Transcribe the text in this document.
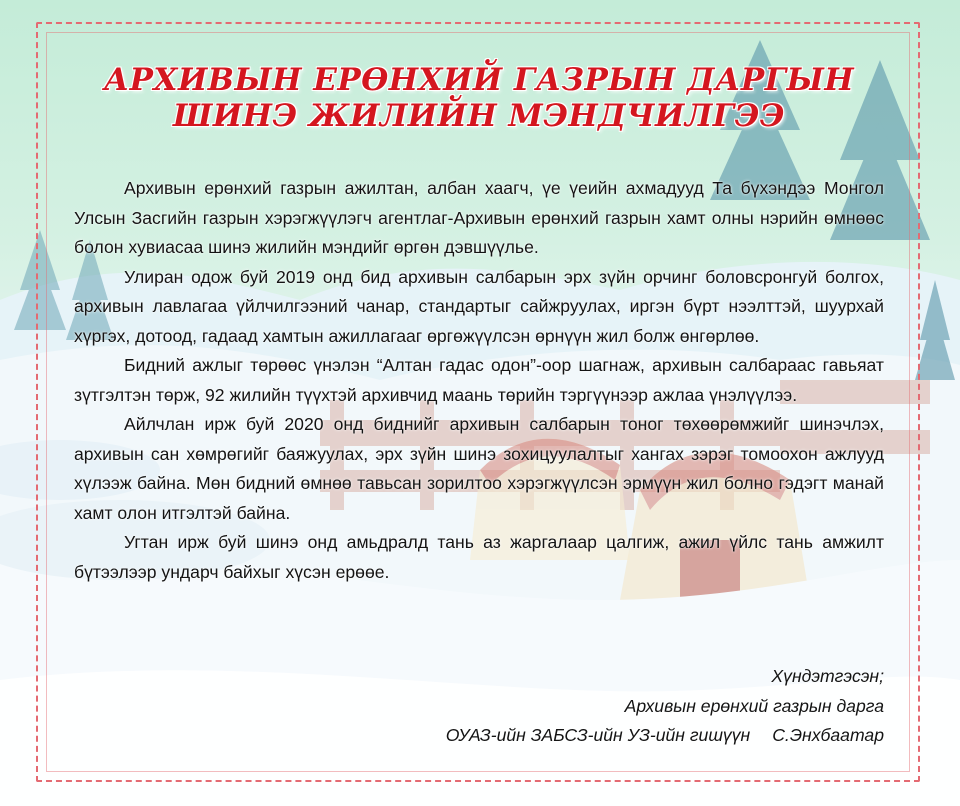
АРХИВЫН ЕРӨНХИЙ ГАЗРЫН ДАРГЫН
ШИНЭ ЖИЛИЙН МЭНДЧИЛГЭЭ

Архивын ерөнхий газрын ажилтан, албан хаагч, үе үеийн ахмадууд Та бүхэндээ Монгол Улсын Засгийн газрын хэрэгжүүлэгч агентлаг-Архивын ерөнхий газрын хамт олны нэрийн өмнөөс болон хувиасаа шинэ жилийн мэндийг өргөн дэвшүүлье.

Улиран одож буй 2019 онд бид архивын салбарын эрх зүйн орчинг боловсронгуй болгох, архивын лавлагаа үйлчилгээний чанар, стандартыг сайжруулах, иргэн бүрт нээлттэй, шуурхай хүргэх, дотоод, гадаад хамтын ажиллагааг өргөжүүлсэн өрнүүн жил болж өнгөрлөө.

Бидний ажлыг төрөөс үнэлэн “Алтан гадас одон”-оор шагнаж, архивын салбараас гавьяат зүтгэлтэн төрж, 92 жилийн түүхтэй архивчид маань төрийн тэргүүнээр ажлаа үнэлүүлээ.

Айлчлан ирж буй 2020 онд биднийг архивын салбарын тоног төхөөрөмжийг шинэчлэх, архивын сан хөмрөгийг баяжуулах, эрх зүйн шинэ зохицуулалтыг хангах зэрэг томоохон ажлууд хүлээж байна. Мөн бидний өмнөө тавьсан зорилтоо хэрэгжүүлсэн эрмүүн жил болно гэдэгт манай хамт олон итгэлтэй байна.

Угтан ирж буй шинэ онд амьдралд тань аз жаргалаар цалгиж, ажил үйлс тань амжилт бүтээлээр ундарч байхыг хүсэн ерөөе.

Хүндэтгэсэн;
Архивын ерөнхий газрын дарга
ОУАЗ-ийн ЗАБСЗ-ийн УЗ-ийн гишүүн С.Энхбаатар
